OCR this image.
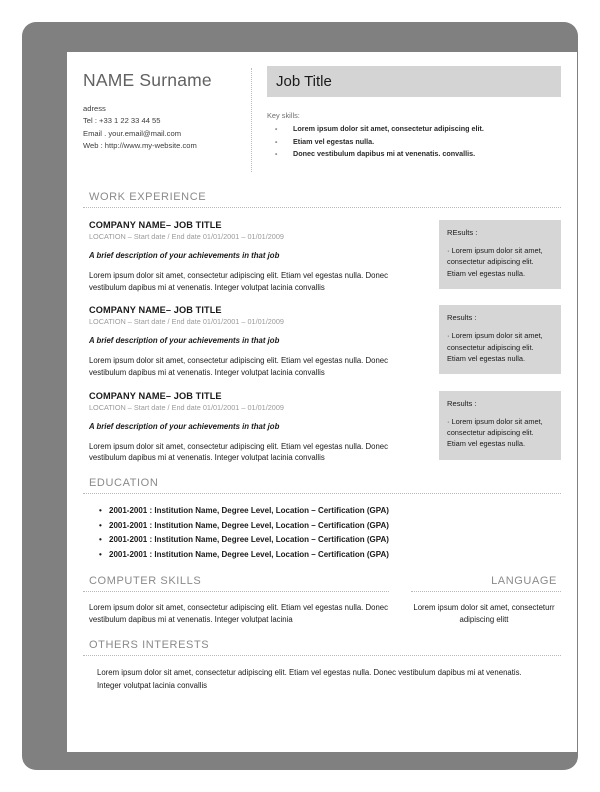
NAME Surname
adress
Tel : +33 1 22 33 44 55
Email . your.email@mail.com
Web : http://www.my-website.com
Job Title
Key skills:
- Lorem ipsum dolor sit amet, consectetur adipiscing elit.
- Etiam vel egestas nulla.
- Donec vestibulum dapibus mi at venenatis. convallis.
WORK EXPERIENCE
COMPANY NAME– JOB TITLE
LOCATION – Start date / End date 01/01/2001 – 01/01/2009
A brief description of your achievements in that job
Lorem ipsum dolor sit amet, consectetur adipiscing elit. Etiam vel egestas nulla. Donec vestibulum dapibus mi at venenatis. Integer volutpat lacinia convallis
REsults :
· Lorem ipsum dolor sit amet, consectetur adipiscing elit. Etiam vel egestas nulla.
COMPANY NAME– JOB TITLE
LOCATION – Start date / End date 01/01/2001 – 01/01/2009
A brief description of your achievements in that job
Lorem ipsum dolor sit amet, consectetur adipiscing elit. Etiam vel egestas nulla. Donec vestibulum dapibus mi at venenatis. Integer volutpat lacinia convallis
Results :
· Lorem ipsum dolor sit amet, consectetur adipiscing elit. Etiam vel egestas nulla.
COMPANY NAME– JOB TITLE
LOCATION – Start date / End date 01/01/2001 – 01/01/2009
A brief description of your achievements in that job
Lorem ipsum dolor sit amet, consectetur adipiscing elit. Etiam vel egestas nulla. Donec vestibulum dapibus mi at venenatis. Integer volutpat lacinia convallis
Results :
· Lorem ipsum dolor sit amet, consectetur adipiscing elit. Etiam vel egestas nulla.
EDUCATION
• 2001-2001 : Institution Name, Degree Level, Location – Certification (GPA)
• 2001-2001 : Institution Name, Degree Level, Location – Certification (GPA)
• 2001-2001 : Institution Name, Degree Level, Location – Certification (GPA)
• 2001-2001 : Institution Name, Degree Level, Location – Certification (GPA)
COMPUTER SKILLS
Lorem ipsum dolor sit amet, consectetur adipiscing elit. Etiam vel egestas nulla. Donec vestibulum dapibus mi at venenatis. Integer volutpat lacinia
LANGUAGE
Lorem ipsum dolor sit amet, consecteturr adipiscing elitt
OTHERS INTERESTS
Lorem ipsum dolor sit amet, consectetur adipiscing elit. Etiam vel egestas nulla. Donec vestibulum dapibus mi at venenatis. Integer volutpat lacinia convallis
